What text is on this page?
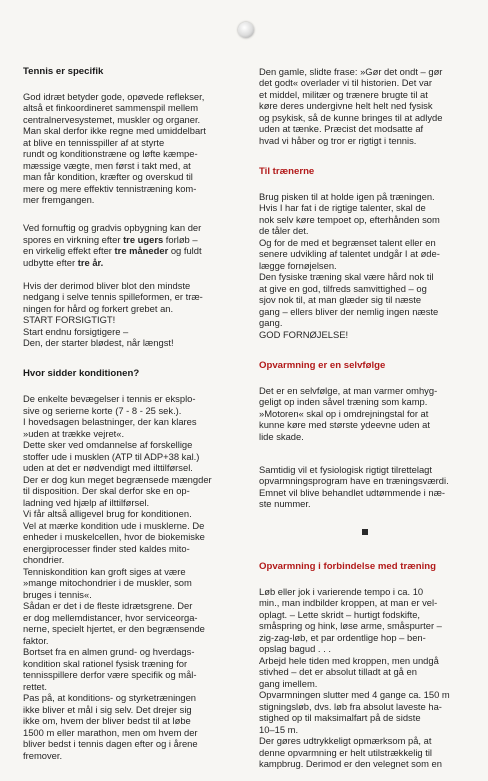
Tennis er specifik

God idræt betyder gode, opøvede reflekser,
altså et finkoordineret sammenspil mellem
centralnervesystemet, muskler og organer.
Man skal derfor ikke regne med umiddelbart
at blive en tennisspiller af at styrte
rundt og konditionstræne og løfte kæmpe-
mæssige vægte, men først i takt med, at
man får kondition, kræfter og overskud til
mere og mere effektiv tennistræning kom-
mer fremgangen.

Ved fornuftig og gradvis opbygning kan der
spores en virkning efter tre ugers forløb –
en virkelig effekt efter tre måneder og fuldt
udbytte efter tre år.

Hvis der derimod bliver blot den mindste
nedgang i selve tennis spilleformen, er træ-
ningen for hård og forkert grebet an.
START FORSIGTIGT!
Start endnu forsigtigere –
Den, der starter blødest, når længst!

Hvor sidder konditionen?

De enkelte bevægelser i tennis er eksplo-
sive og serierne korte (7 - 8 - 25 sek.).
I hovedsagen belastninger, der kan klares
»uden at trække vejret«.
Dette sker ved omdannelse af forskellige
stoffer ude i musklen (ATP til ADP+38 kal.)
uden at det er nødvendigt med ilttilførsel.
Der er dog kun meget begrænsede mængder
til disposition. Der skal derfor ske en op-
ladning ved hjælp af ilttilførsel.
Vi får altså alligevel brug for konditionen.
Vel at mærke kondition ude i musklerne. De
enheder i muskelcellen, hvor de biokemiske
energiprocesser finder sted kaldes mito-
chondrier.
Tenniskondition kan groft siges at være
»mange mitochondrier i de muskler, som
bruges i tennis«.
Sådan er det i de fleste idrætsgrene. Der
er dog mellemdistancer, hvor serviceorga-
nerne, specielt hjertet, er den begrænsende
faktor.
Bortset fra en almen grund- og hverdags-
kondition skal rationel fysisk træning for
tennisspillere derfor være specifik og mål-
rettet.
Pas på, at konditions- og styrketræningen
ikke bliver et mål i sig selv. Det drejer sig
ikke om, hvem der bliver bedst til at løbe
1500 m eller marathon, men om hvem der
bliver bedst i tennis dagen efter og i årene
fremover.

Den gamle, slidte frase: »Gør det ondt – gør
det godt« overlader vi til historien. Det var
et middel, militær og trænere brugte til at
køre deres undergivne helt helt ned fysisk
og psykisk, så de kunne bringes til at adlyde
uden at tænke. Præcist det modsatte af
hvad vi håber og tror er rigtigt i tennis.

Til trænerne

Brug pisken til at holde igen på træningen.
Hvis I har fat i de rigtige talenter, skal de
nok selv køre tempoet op, efterhånden som
de tåler det.
Og for de med et begrænset talent eller en
senere udvikling af talentet undgår I at øde-
lægge fornøjelsen.
Den fysiske træning skal være hård nok til
at give en god, tilfreds samvittighed – og
sjov nok til, at man glæder sig til næste
gang – ellers bliver der nemlig ingen næste
gang.
GOD FORNØJELSE!

Opvarmning er en selvfølge

Det er en selvfølge, at man varmer omhyg-
geligt op inden såvel træning som kamp.
»Motoren« skal op i omdrejningstal for at
kunne køre med største ydeevne uden at
lide skade.

Samtidig vil et fysiologisk rigtigt tilrettelagt
opvarmningsprogram have en træningsværdi.
Emnet vil blive behandlet udtømmende i næ-
ste nummer.

Opvarmning i forbindelse med træning

Løb eller jok i varierende tempo i ca. 10
min., man indbilder kroppen, at man er vel-
oplagt. – Lette skridt – hurtigt fodskifte,
småspring og hink, løse arme, småspurter –
zig-zag-løb, et par ordentlige hop – ben-
opslag bagud . . .
Arbejd hele tiden med kroppen, men undgå
stivhed – det er absolut tilladt at gå en
gang imellem.
Opvarmningen slutter med 4 gange ca. 150 m
stigningsløb, dvs. løb fra absolut laveste ha-
stighed op til maksimalfart på de sidste
10–15 m.
Der gøres udtrykkeligt opmærksom på, at
denne opvarmning er helt utilstrækkelig til
kampbrug. Derimod er den velegnet som en
